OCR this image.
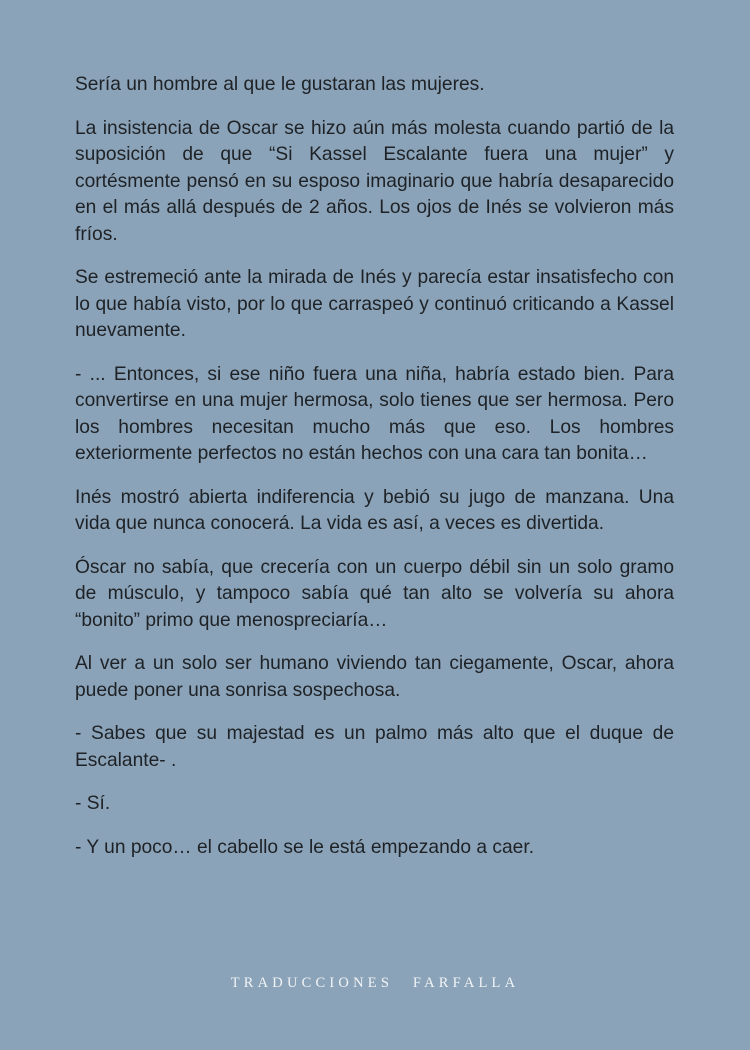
Sería un hombre al que le gustaran las mujeres.

La insistencia de Oscar se hizo aún más molesta cuando partió de la suposición de que “Si Kassel Escalante fuera una mujer” y cortésmente pensó en su esposo imaginario que habría desaparecido en el más allá después de 2 años. Los ojos de Inés se volvieron más fríos.

Se estremeció ante la mirada de Inés y parecía estar insatisfecho con lo que había visto, por lo que carraspeó y continuó criticando a Kassel nuevamente.

- ... Entonces, si ese niño fuera una niña, habría estado bien. Para convertirse en una mujer hermosa, solo tienes que ser hermosa. Pero los hombres necesitan mucho más que eso. Los hombres exteriormente perfectos no están hechos con una cara tan bonita…

Inés mostró abierta indiferencia y bebió su jugo de manzana. Una vida que nunca conocerá. La vida es así, a veces es divertida.

Óscar no sabía, que crecería con un cuerpo débil sin un solo gramo de músculo, y tampoco sabía qué tan alto se volvería su ahora “bonito” primo que menospreciaría…

Al ver a un solo ser humano viviendo tan ciegamente, Oscar, ahora puede poner una sonrisa sospechosa.

- Sabes que su majestad es un palmo más alto que el duque de Escalante- .

- Sí.

- Y un poco… el cabello se le está empezando a caer.

TRADUCCIONES FARFALLA
